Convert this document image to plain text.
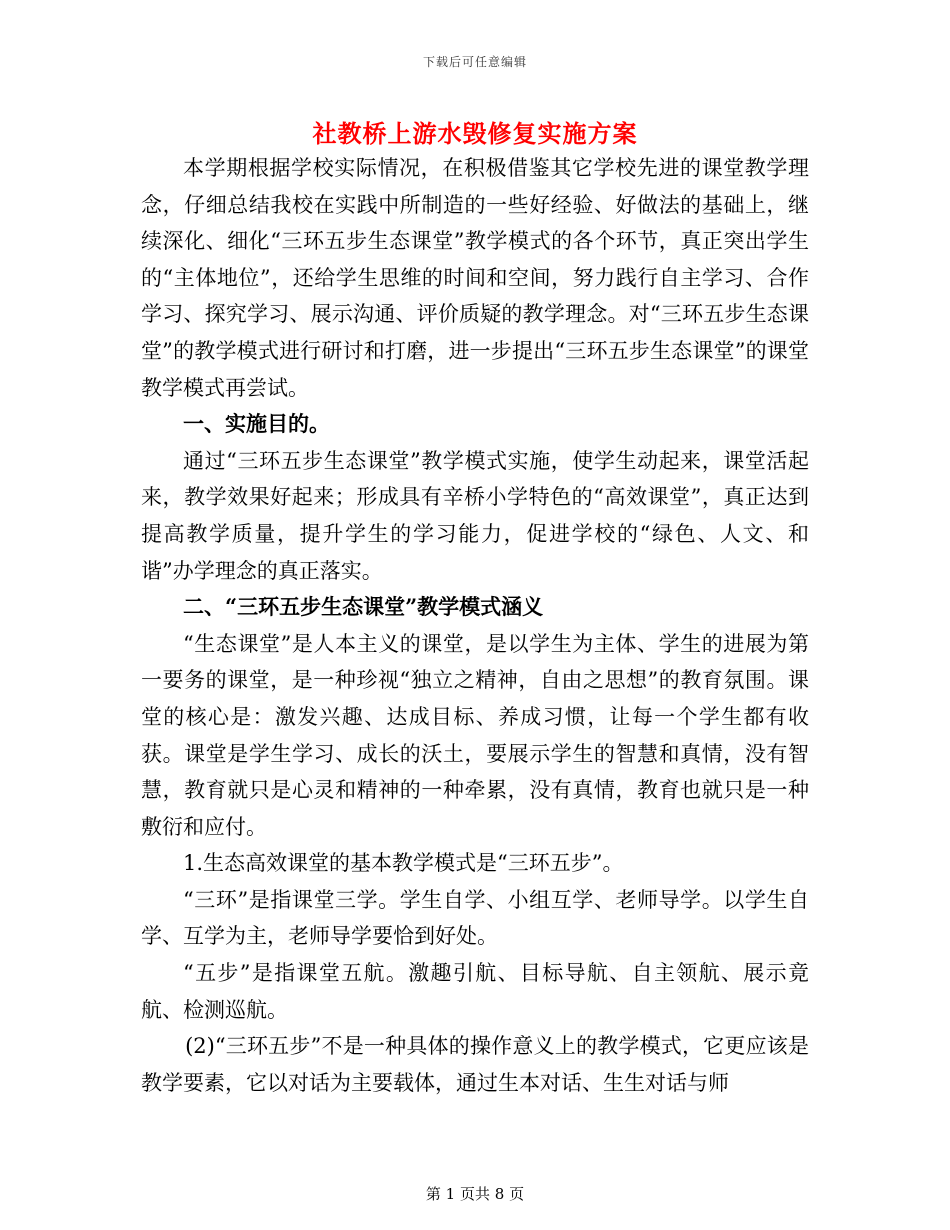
下载后可任意编辑
社教桥上游水毁修复实施方案

本学期根据学校实际情况，在积极借鉴其它学校先进的课堂教学理念，仔细总结我校在实践中所制造的一些好经验、好做法的基础上，继续深化、细化“三环五步生态课堂”教学模式的各个环节，真正突出学生的“主体地位”，还给学生思维的时间和空间，努力践行自主学习、合作学习、探究学习、展示沟通、评价质疑的教学理念。对“三环五步生态课堂”的教学模式进行研讨和打磨，进一步提出“三环五步生态课堂”的课堂教学模式再尝试。

一、实施目的。

通过“三环五步生态课堂”教学模式实施，使学生动起来，课堂活起来，教学效果好起来；形成具有辛桥小学特色的“高效课堂”，真正达到提高教学质量，提升学生的学习能力，促进学校的“绿色、人文、和谐”办学理念的真正落实。

二、“三环五步生态课堂”教学模式涵义

“生态课堂”是人本主义的课堂，是以学生为主体、学生的进展为第一要务的课堂，是一种珍视“独立之精神，自由之思想”的教育氛围。课堂的核心是：激发兴趣、达成目标、养成习惯，让每一个学生都有收获。课堂是学生学习、成长的沃土，要展示学生的智慧和真情，没有智慧，教育就只是心灵和精神的一种牵累，没有真情，教育也就只是一种敷衍和应付。

1.生态高效课堂的基本教学模式是“三环五步”。

“三环”是指课堂三学。学生自学、小组互学、老师导学。以学生自学、互学为主，老师导学要恰到好处。

“五步”是指课堂五航。激趣引航、目标导航、自主领航、展示竟航、检测巡航。

(2)“三环五步”不是一种具体的操作意义上的教学模式，它更应该是教学要素，它以对话为主要载体，通过生本对话、生生对话与师

第 1 页共 8 页
